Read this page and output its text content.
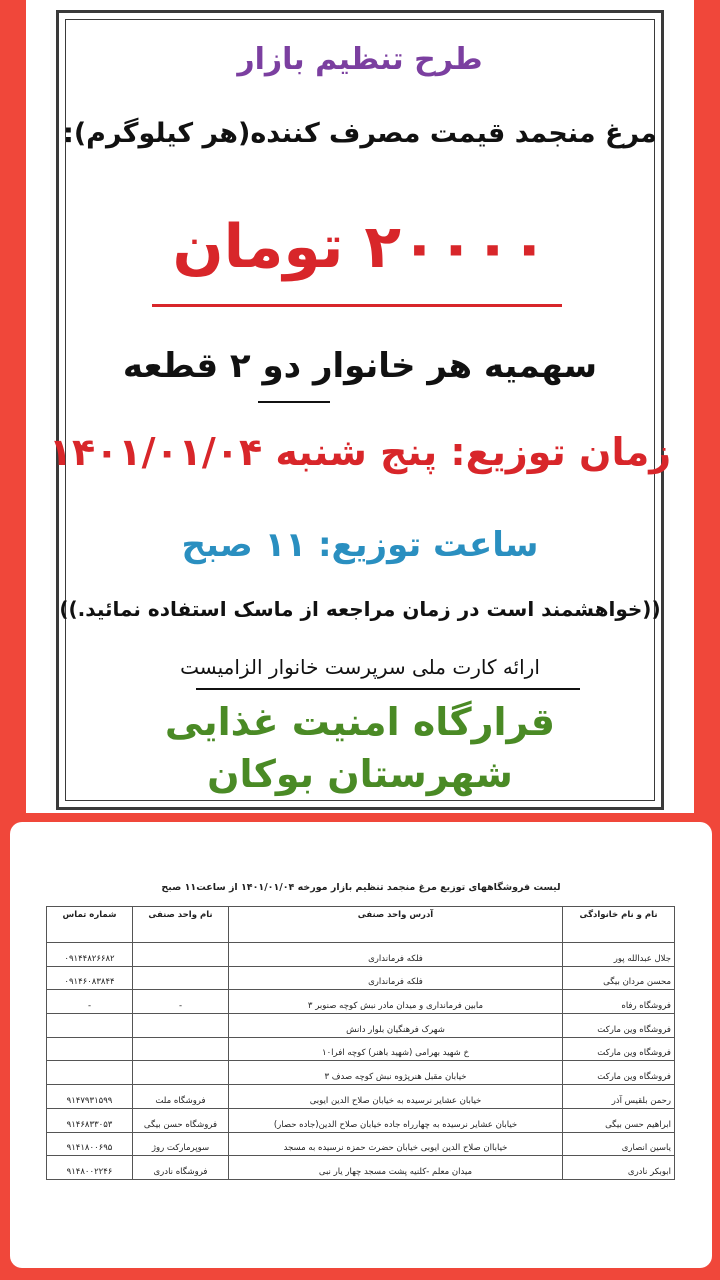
طرح تنظیم بازار
مرغ منجمد قیمت مصرف کننده(هر کیلوگرم):
۲۰۰۰۰ تومان
سهمیه هر خانوار دو ۲ قطعه
زمان توزیع: پنج شنبه ۱۴۰۱/۰۱/۰۴
ساعت توزیع: ۱۱ صبح
((خواهشمند است در زمان مراجعه از ماسک استفاده نمائید.))
ارائه کارت ملی سرپرست خانوار الزامیست
قرارگاه امنیت غذایی
شهرستان بوکان
لیست فروشگاههای توزیع مرغ منجمد تنظیم بازار مورخه ۱۴۰۱/۰۱/۰۴ از ساعت۱۱ صبح
نام و نام خانوادگی	آدرس واحد صنفی	نام واحد صنفی	شماره تماس
جلال عبدالله پور	فلکه فرمانداری		۰۹۱۴۴۸۲۶۶۸۲
محسن مردان بیگی	فلکه فرمانداری		۰۹۱۴۶۰۸۳۸۴۴
فروشگاه رفاه	مابین فرمانداری و میدان مادر نبش کوچه صنوبر ۳	-	-
فروشگاه وین مارکت	شهرک فرهنگیان بلوار دانش		
فروشگاه وین مارکت	خ شهید بهرامی (شهید باهنر) کوچه افرا۱۰		
فروشگاه وین مارکت	خیابان مقبل هنرپژوه نبش کوچه صدف ۳		
رحمن بلقیس آذر	خیابان عشایر نرسیده به خیابان صلاح الدین ایوبی	فروشگاه ملت	۹۱۴۷۹۳۱۵۹۹
ابراهیم حسن بیگی	خیابان عشایر نرسیده به چهارراه جاده خیابان صلاح الدین(جاده حصار)	فروشگاه حسن بیگی	۹۱۴۶۸۳۳۰۵۳
یاسین انصاری	خیاباان صلاح الدین ایوبی خیابان حضرت حمزه نرسیده به مسجد	سوپرمارکت روژ	۹۱۴۱۸۰۰۶۹۵
ابوبکر نادری	میدان معلم -کلنیه پشت مسجد چهار یار نبی	فروشگاه نادری	۹۱۴۸۰۰۲۲۴۶
